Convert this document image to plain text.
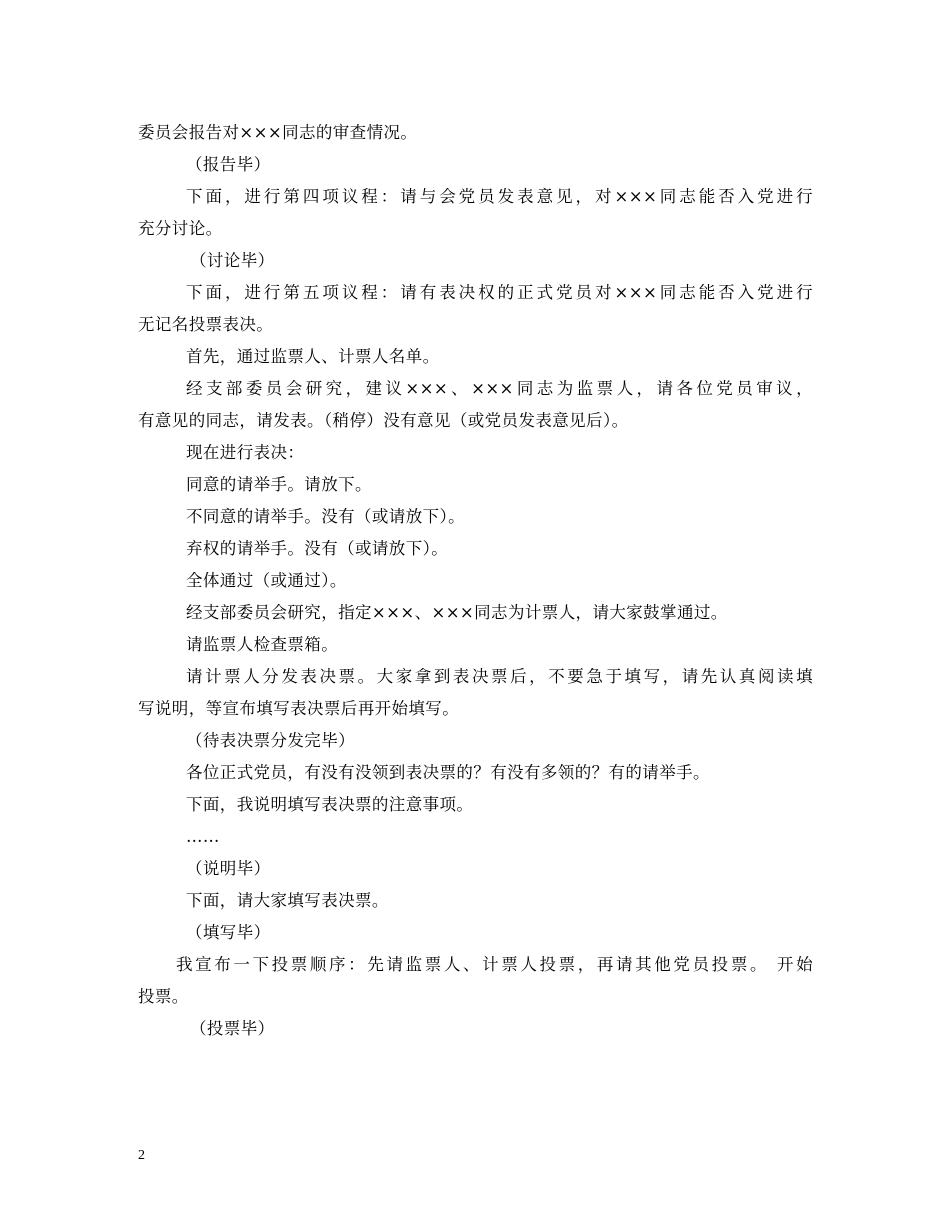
委员会报告对×××同志的审查情况。
（报告毕）
下面，进行第四项议程：请与会党员发表意见，对×××同志能否入党进行
充分讨论。
（讨论毕）
下面，进行第五项议程：请有表决权的正式党员对×××同志能否入党进行
无记名投票表决。
首先，通过监票人、计票人名单。
经支部委员会研究，建议×××、×××同志为监票人，请各位党员审议，
有意见的同志，请发表。（稍停）没有意见（或党员发表意见后）。
现在进行表决：
同意的请举手。请放下。
不同意的请举手。没有（或请放下）。
弃权的请举手。没有（或请放下）。
全体通过（或通过）。
经支部委员会研究，指定×××、×××同志为计票人，请大家鼓掌通过。
请监票人检查票箱。
请计票人分发表决票。大家拿到表决票后，不要急于填写，请先认真阅读填
写说明，等宣布填写表决票后再开始填写。
（待表决票分发完毕）
各位正式党员，有没有没领到表决票的？有没有多领的？有的请举手。
下面，我说明填写表决票的注意事项。
……
（说明毕）
下面，请大家填写表决票。
（填写毕）
我宣布一下投票顺序：先请监票人、计票人投票，再请其他党员投票。 开始
投票。
（投票毕）
2
